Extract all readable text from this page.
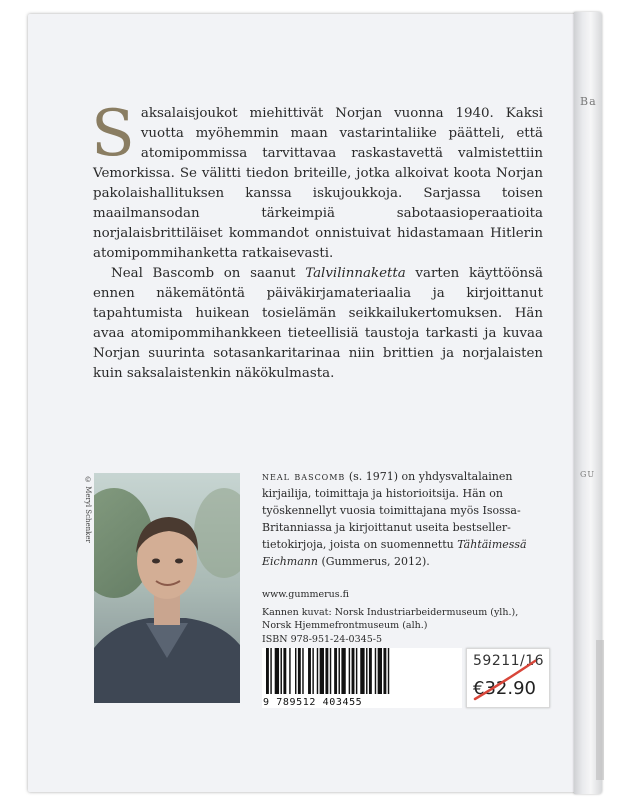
Ba
GU

Saksalaisjoukot miehittivät Norjan vuonna 1940. Kaksi vuotta myöhemmin maan vastarintaliike päätteli, että atomipommissa tarvittavaa raskastavettä valmistettiin Vemorkissa. Se välitti tiedon briteille, jotka alkoivat koota Norjan pakolaishallituksen kanssa iskujoukkoja. Sarjassa toisen maailmansodan tärkeimpiä sabotaasioperaatioita norjalaisbrittiläiset kommandot onnistuivat hidastamaan Hitlerin atomipommihanketta ratkaisevasti.

Neal Bascomb on saanut Talvilinnaketta varten käyttöönsä ennen näkemätöntä päiväkirjamateriaalia ja kirjoittanut tapahtumista huikean tosielämän seikkailukertomuksen. Hän avaa atomipommihankkeen tieteellisiä taustoja tarkasti ja kuvaa Norjan suurinta sotasankaritarinaa niin brittien ja norjalaisten kuin saksalaistenkin näkökulmasta.

© Meryl Schenker	neal bascomb (s. 1971) on yhdysvaltalainen kirjailija, toimittaja ja historioitsija. Hän on työskennellyt vuosia toimittajana myös Isossa-Britanniassa ja kirjoittanut useita bestseller-tietokirjoja, joista on suomennettu Tähtäimessä Eichmann (Gummerus, 2012).
www.gummerus.fi
Kannen kuvat: Norsk Industriarbeidermuseum (ylh.),
Norsk Hjemmefrontmuseum (alh.)
ISBN 978-951-24-0345-5
9 789512 403455
59211/16
€32.90
